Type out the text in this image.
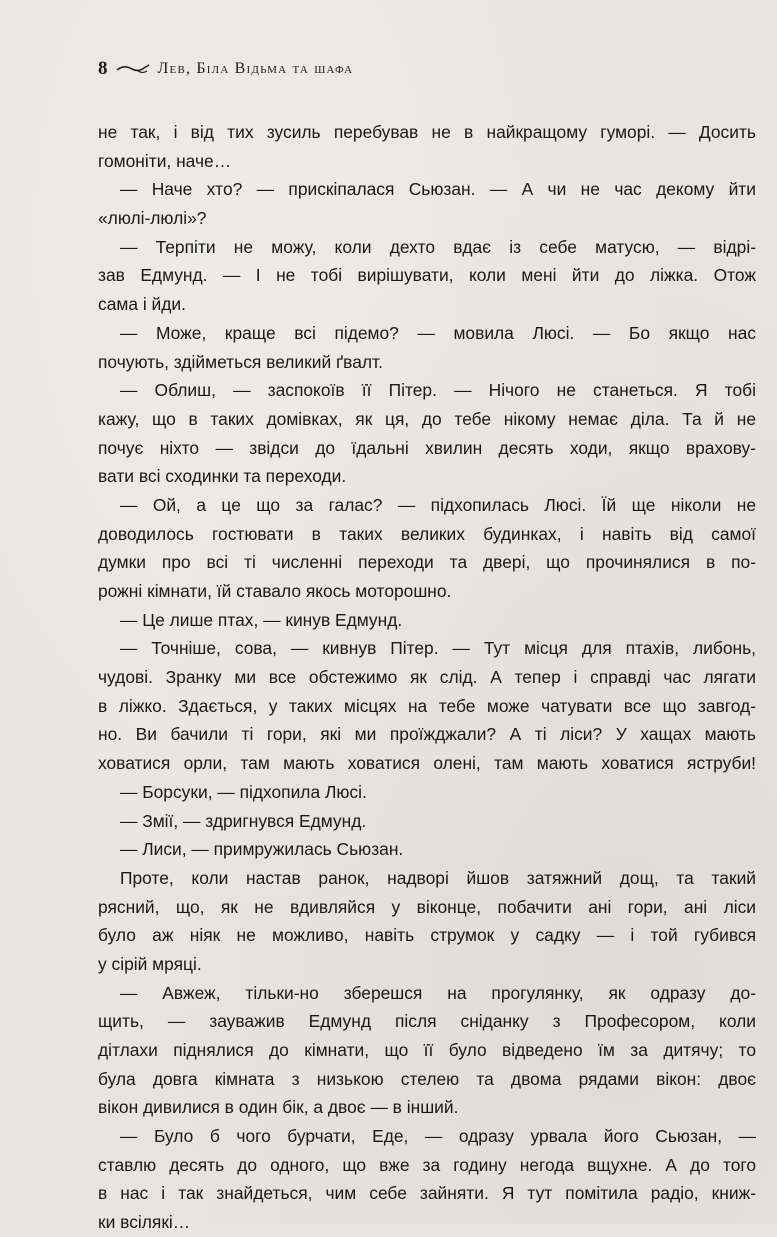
8	Лев, Біла Відьма та шафа
не так, і від тих зусиль перебував не в найкращому гуморі. — Досить
гомоніти, наче…
— Наче хто? — прискіпалася Сьюзан. — А чи не час декому йти
«люлі-люлі»?
— Терпіти не можу, коли дехто вдає із себе матусю, — відрі-
зав Едмунд. — І не тобі вирішувати, коли мені йти до ліжка. Отож
сама і йди.
— Може, краще всі підемо? — мовила Люсі. — Бо якщо нас
почують, здійметься великий ґвалт.
— Облиш, — заспокоїв її Пітер. — Нічого не станеться. Я тобі
кажу, що в таких домівках, як ця, до тебе нікому немає діла. Та й не
почує ніхто — звідси до їдальні хвилин десять ходи, якщо врахову-
вати всі сходинки та переходи.
— Ой, а це що за галас? — підхопилась Люсі. Їй ще ніколи не
доводилось гостювати в таких великих будинках, і навіть від самої
думки про всі ті численні переходи та двері, що прочинялися в по-
рожні кімнати, їй ставало якось моторошно.
— Це лише птах, — кинув Едмунд.
— Точніше, сова, — кивнув Пітер. — Тут місця для птахів, либонь,
чудові. Зранку ми все обстежимо як слід. А тепер і справді час лягати
в ліжко. Здається, у таких місцях на тебе може чатувати все що завгод-
но. Ви бачили ті гори, які ми проїжджали? А ті ліси? У хащах мають
ховатися орли, там мають ховатися олені, там мають ховатися яструби!
— Борсуки, — підхопила Люсі.
— Змії, — здригнувся Едмунд.
— Лиси, — примружилась Сьюзан.
Проте, коли настав ранок, надворі йшов затяжний дощ, та такий
рясний, що, як не вдивляйся у віконце, побачити ані гори, ані ліси
було аж ніяк не можливо, навіть струмок у садку — і той губився
у сірій мряці.
— Авжеж, тільки-но зберешся на прогулянку, як одразу до-
щить, — зауважив Едмунд після сніданку з Професором, коли
дітлахи піднялися до кімнати, що її було відведено їм за дитячу; то
була довга кімната з низькою стелею та двома рядами вікон: двоє
вікон дивилися в один бік, а двоє — в інший.
— Було б чого бурчати, Еде, — одразу урвала його Сьюзан, —
ставлю десять до одного, що вже за годину негода вщухне. А до того
в нас і так знайдеться, чим себе зайняти. Я тут помітила радіо, книж-
ки всілякі…
